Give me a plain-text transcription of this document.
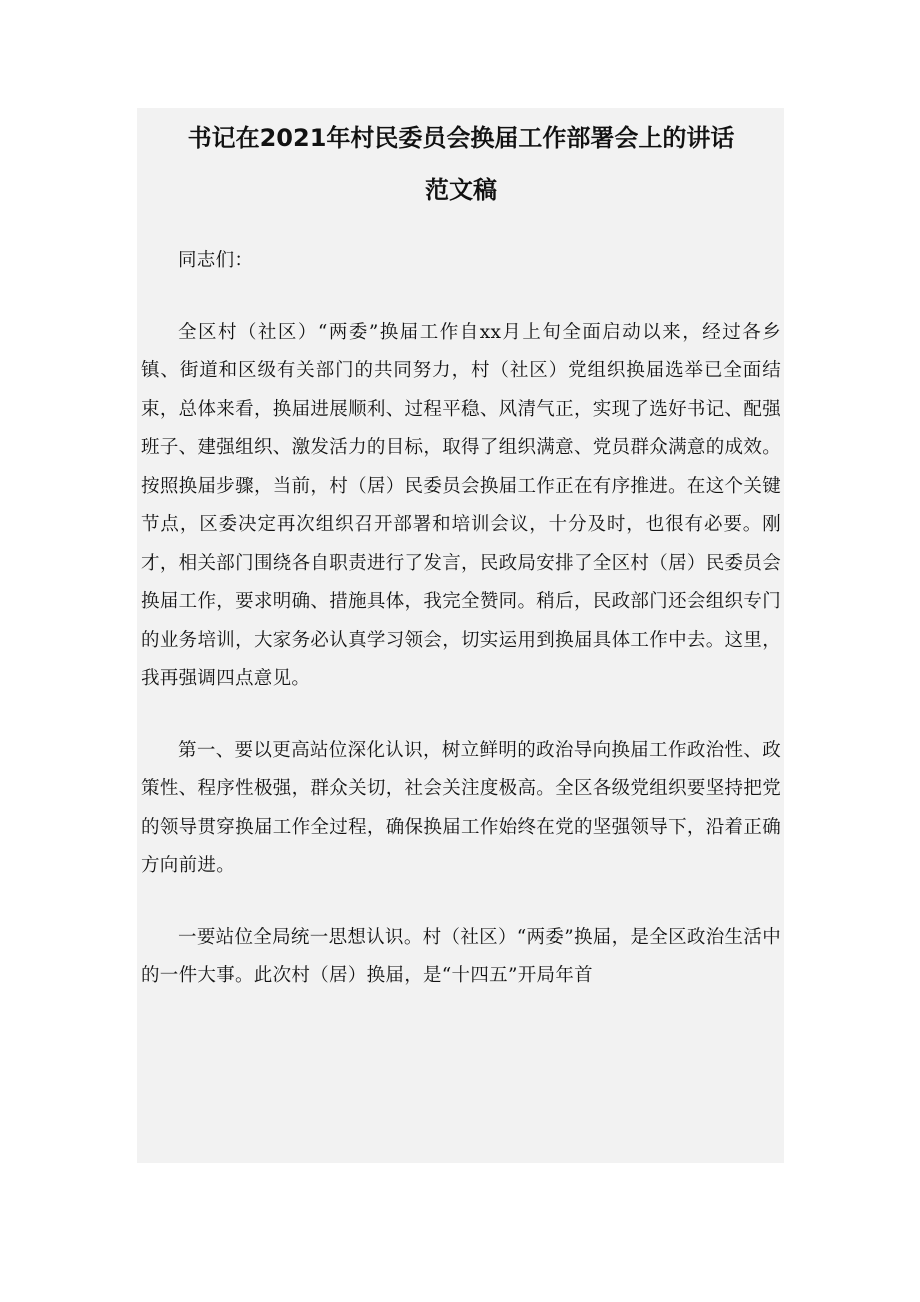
书记在2021年村民委员会换届工作部署会上的讲话
范文稿

同志们：

全区村（社区）“两委”换届工作自xx月上旬全面启动以来，经过各乡镇、街道和区级有关部门的共同努力，村（社区）党组织换届选举已全面结束，总体来看，换届进展顺利、过程平稳、风清气正，实现了选好书记、配强班子、建强组织、激发活力的目标，取得了组织满意、党员群众满意的成效。按照换届步骤，当前，村（居）民委员会换届工作正在有序推进。在这个关键节点，区委决定再次组织召开部署和培训会议，十分及时，也很有必要。刚才，相关部门围绕各自职责进行了发言，民政局安排了全区村（居）民委员会换届工作，要求明确、措施具体，我完全赞同。稍后，民政部门还会组织专门的业务培训，大家务必认真学习领会，切实运用到换届具体工作中去。这里，我再强调四点意见。

第一、要以更高站位深化认识，树立鲜明的政治导向换届工作政治性、政策性、程序性极强，群众关切，社会关注度极高。全区各级党组织要坚持把党的领导贯穿换届工作全过程，确保换届工作始终在党的坚强领导下，沿着正确方向前进。

一要站位全局统一思想认识。村（社区）“两委”换届，是全区政治生活中的一件大事。此次村（居）换届，是“十四五”开局年首
